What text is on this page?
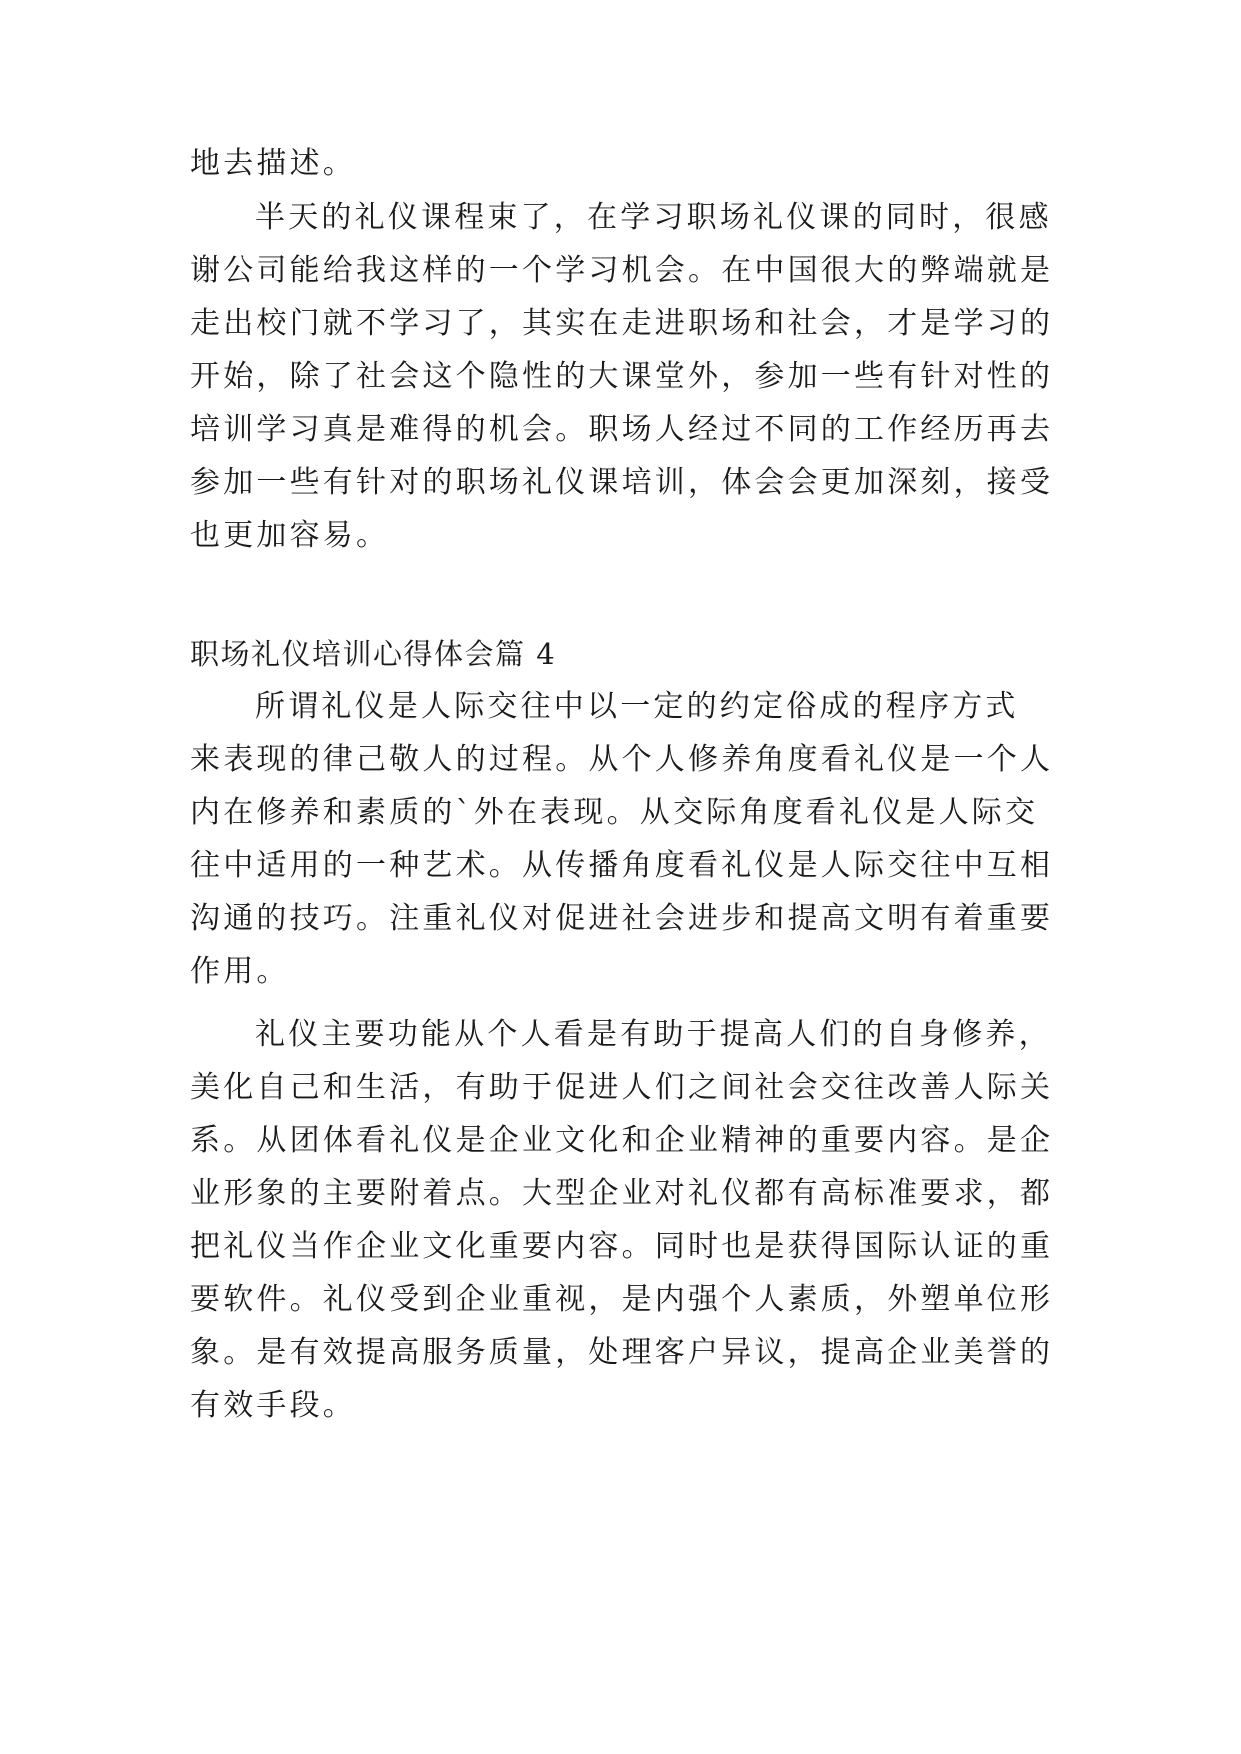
地去描述。
半天的礼仪课程束了，在学习职场礼仪课的同时，很感
谢公司能给我这样的一个学习机会。在中国很大的弊端就是
走出校门就不学习了，其实在走进职场和社会，才是学习的
开始，除了社会这个隐性的大课堂外，参加一些有针对性的
培训学习真是难得的机会。职场人经过不同的工作经历再去
参加一些有针对的职场礼仪课培训，体会会更加深刻，接受
也更加容易。
职场礼仪培训心得体会篇 4
所谓礼仪是人际交往中以一定的约定俗成的程序方式
来表现的律己敬人的过程。从个人修养角度看礼仪是一个人
内在修养和素质的`外在表现。从交际角度看礼仪是人际交
往中适用的一种艺术。从传播角度看礼仪是人际交往中互相
沟通的技巧。注重礼仪对促进社会进步和提高文明有着重要
作用。
礼仪主要功能从个人看是有助于提高人们的自身修养，
美化自己和生活，有助于促进人们之间社会交往改善人际关
系。从团体看礼仪是企业文化和企业精神的重要内容。是企
业形象的主要附着点。大型企业对礼仪都有高标准要求，都
把礼仪当作企业文化重要内容。同时也是获得国际认证的重
要软件。礼仪受到企业重视，是内强个人素质，外塑单位形
象。是有效提高服务质量，处理客户异议，提高企业美誉的
有效手段。
